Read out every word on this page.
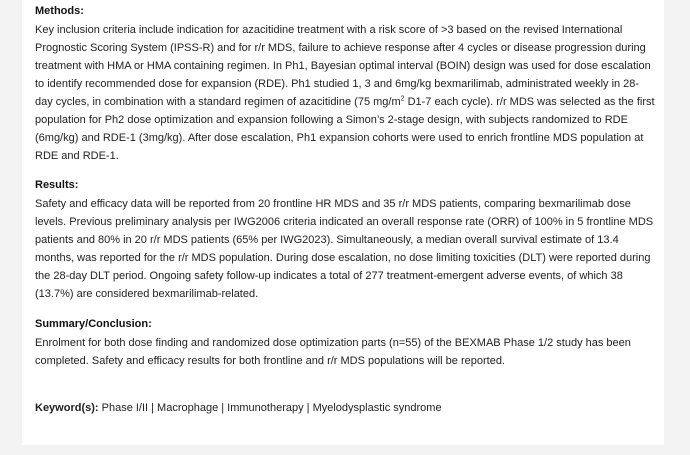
Methods:

Key inclusion criteria include indication for azacitidine treatment with a risk score of >3 based on the revised International Prognostic Scoring System (IPSS-R) and for r/r MDS, failure to achieve response after 4 cycles or disease progression during treatment with HMA or HMA containing regimen. In Ph1, Bayesian optimal interval (BOIN) design was used for dose escalation to identify recommended dose for expansion (RDE). Ph1 studied 1, 3 and 6mg/kg bexmarilimab, administrated weekly in 28-day cycles, in combination with a standard regimen of azacitidine (75 $mg/m^2$ D1-7 each cycle). r/r MDS was selected as the first population for Ph2 dose optimization and expansion following a Simon’s 2-stage design, with subjects randomized to RDE (6mg/kg) and RDE-1 (3mg/kg). After dose escalation, Ph1 expansion cohorts were used to enrich frontline MDS population at RDE and RDE-1.

Results:

Safety and efficacy data will be reported from 20 frontline HR MDS and 35 r/r MDS patients, comparing bexmarilimab dose levels. Previous preliminary analysis per IWG2006 criteria indicated an overall response rate (ORR) of 100% in 5 frontline MDS patients and 80% in 20 r/r MDS patients (65% per IWG2023). Simultaneously, a median overall survival estimate of 13.4 months, was reported for the r/r MDS population. During dose escalation, no dose limiting toxicities (DLT) were reported during the 28-day DLT period. Ongoing safety follow-up indicates a total of 277 treatment-emergent adverse events, of which 38 (13.7%) are considered bexmarilimab-related.

Summary/Conclusion:

Enrolment for both dose finding and randomized dose optimization parts (n=55) of the BEXMAB Phase 1/2 study has been completed. Safety and efficacy results for both frontline and r/r MDS populations will be reported.

Keyword(s): Phase I/II | Macrophage | Immunotherapy | Myelodysplastic syndrome
